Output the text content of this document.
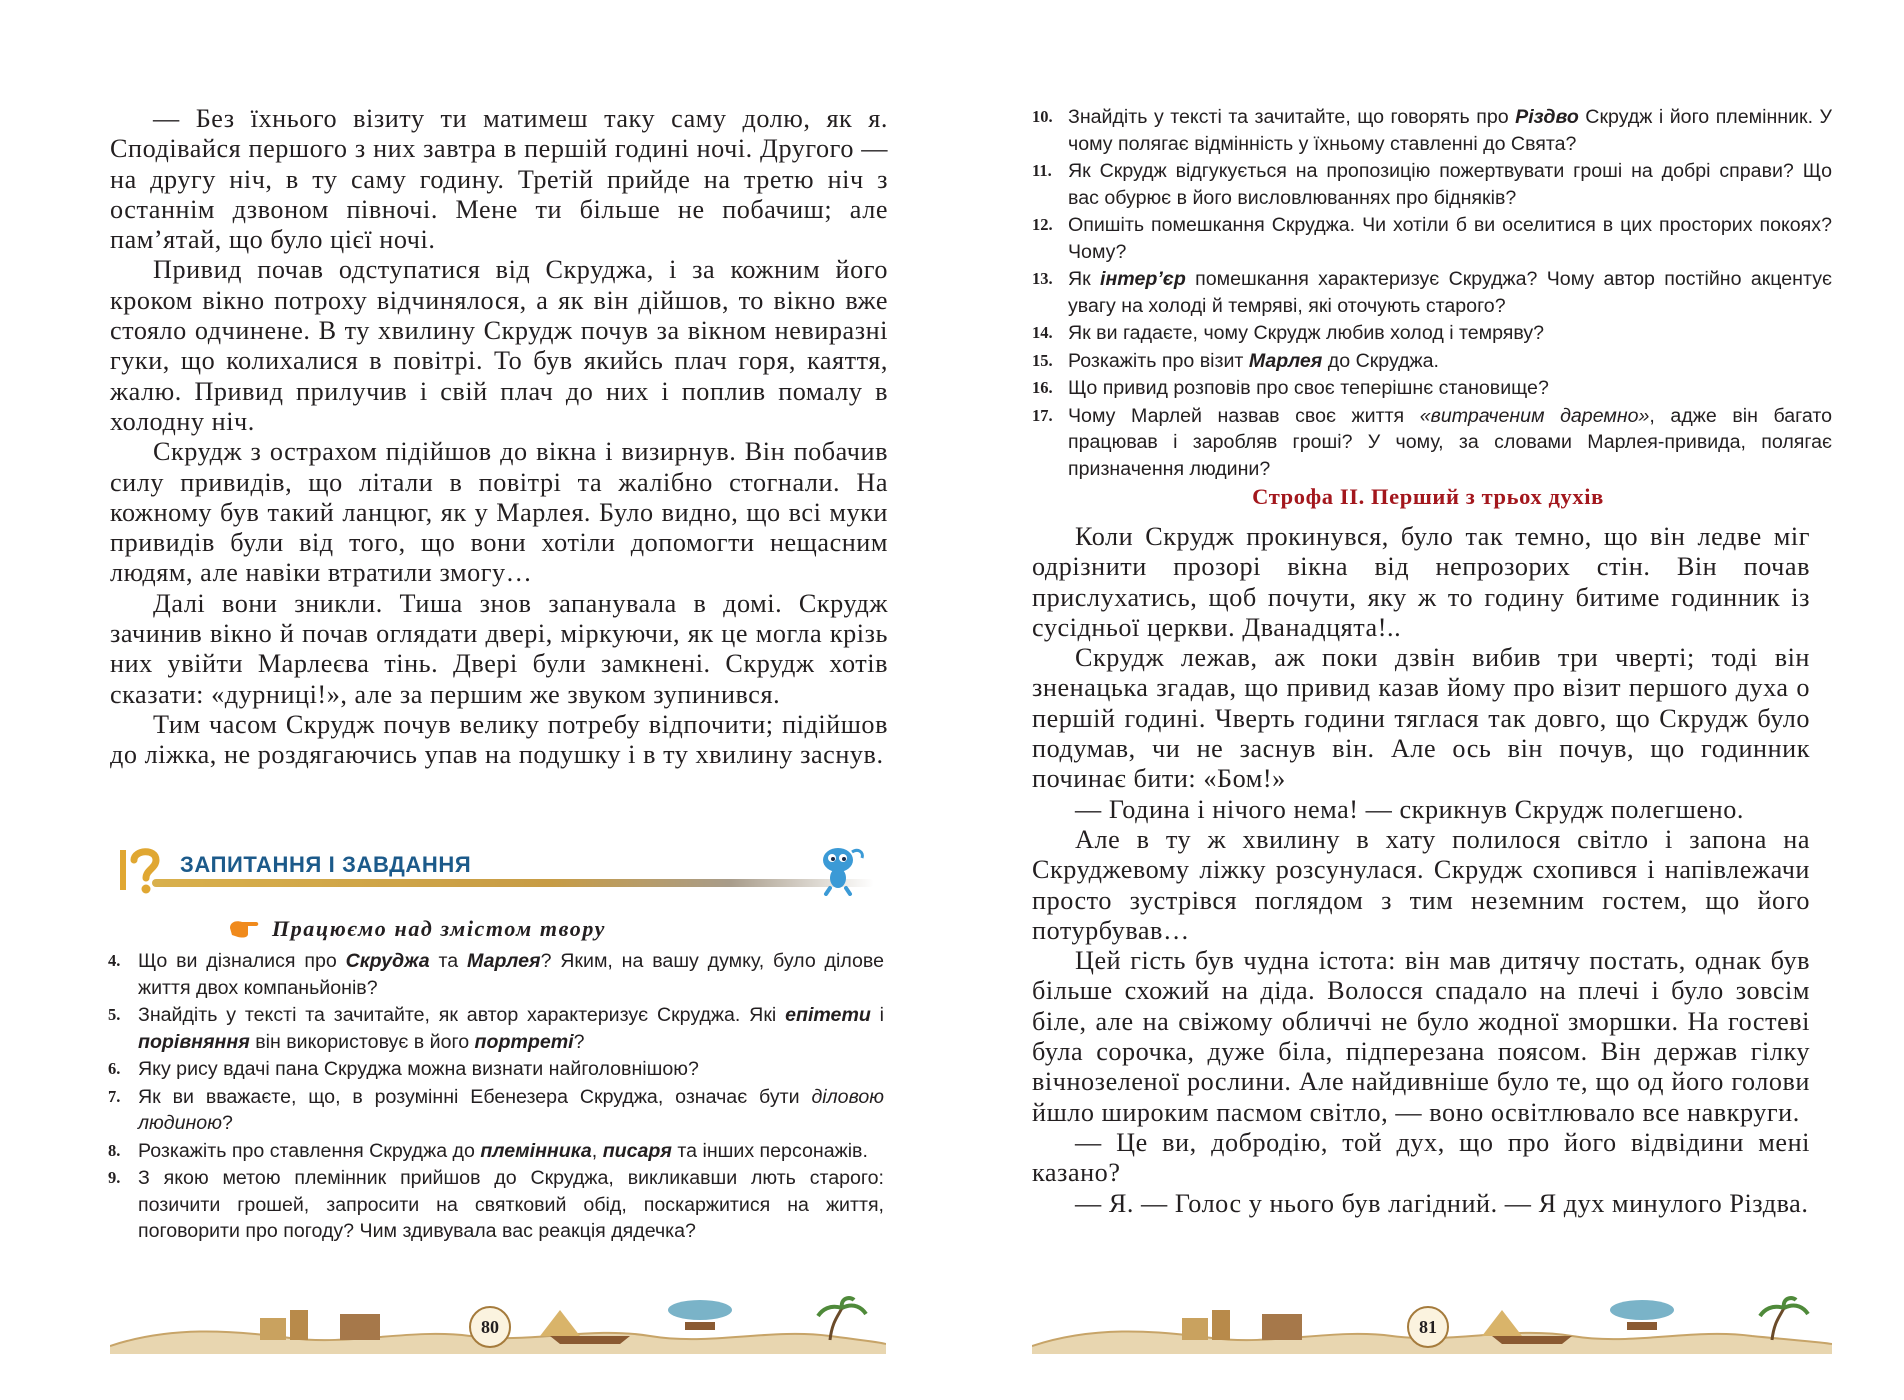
— Без їхнього візиту ти матимеш таку саму долю, як я. Сподівайся першого з них завтра в першій годині ночі. Другого — на другу ніч, в ту саму годину. Третій прийде на третю ніч з останнім дзвоном півночі. Мене ти більше не побачиш; але пам’ятай, що було цієї ночі.

Привид почав одступатися від Скруджа, і за кожним його кроком вікно потроху відчинялося, а як він дійшов, то вікно вже стояло одчинене. В ту хвилину Скрудж почув за вікном невиразні гуки, що колихалися в повітрі. То був якийсь плач горя, каяття, жалю. Привид прилучив і свій плач до них і поплив помалу в холодну ніч.

Скрудж з острахом підійшов до вікна і визирнув. Він побачив силу привидів, що літали в повітрі та жалібно стогнали. На кожному був такий ланцюг, як у Марлея. Було видно, що всі муки привидів були від того, що вони хотіли допомогти нещасним людям, але навіки втратили змогу…

Далі вони зникли. Тиша знов запанувала в домі. Скрудж зачинив вікно й почав оглядати двері, міркуючи, як це могла крізь них увійти Марлеєва тінь. Двері були замкнені. Скрудж хотів сказати: «дурниці!», але за першим же звуком зупинився.

Тим часом Скрудж почув велику потребу відпочити; підійшов до ліжка, не роздягаючись упав на подушку і в ту хвилину заснув.

ЗАПИТАННЯ І ЗАВДАННЯ
Працюємо над змістом твору
4. Що ви дізналися про Скруджа та Марлея? Яким, на вашу думку, було ділове життя двох компаньйонів?
5. Знайдіть у тексті та зачитайте, як автор характеризує Скруджа. Які епітети і порівняння він використовує в його портреті?
6. Яку рису вдачі пана Скруджа можна визнати найголовнішою?
7. Як ви вважаєте, що, в розумінні Ебенезера Скруджа, означає бути діловою людиною?
8. Розкажіть про ставлення Скруджа до племінника, писаря та інших персонажів.
9. З якою метою племінник прийшов до Скруджа, викликавши лють старого: позичити грошей, запросити на святковий обід, поскаржитися на життя, поговорити про погоду? Чим здивувала вас реакція дядечка?
80
10. Знайдіть у тексті та зачитайте, що говорять про Різдво Скрудж і його племінник. У чому полягає відмінність у їхньому ставленні до Свята?
11. Як Скрудж відгукується на пропозицію пожертвувати гроші на добрі справи? Що вас обурює в його висловлюваннях про бідняків?
12. Опишіть помешкання Скруджа. Чи хотіли б ви оселитися в цих просторих покоях? Чому?
13. Як інтер’єр помешкання характеризує Скруджа? Чому автор постійно акцентує увагу на холоді й темряві, які оточують старого?
14. Як ви гадаєте, чому Скрудж любив холод і темряву?
15. Розкажіть про візит Марлея до Скруджа.
16. Що привид розповів про своє теперішнє становище?
17. Чому Марлей назвав своє життя «витраченим даремно», адже він багато працював і заробляв гроші? У чому, за словами Марлея-привида, полягає призначення людини?
Строфа ІІ. Перший з трьох духів

Коли Скрудж прокинувся, було так темно, що він ледве міг одрізнити прозорі вікна від непрозорих стін. Він почав прислухатись, щоб почути, яку ж то годину битиме годинник із сусідньої церкви. Дванадцята!..

Скрудж лежав, аж поки дзвін вибив три чверті; тоді він зненацька згадав, що привид казав йому про візит першого духа о першій годині. Чверть години тяглася так довго, що Скрудж було подумав, чи не заснув він. Але ось він почув, що годинник починає бити: «Бом!»

— Година і нічого нема! — скрикнув Скрудж полегшено.

Але в ту ж хвилину в хату полилося світло і запона на Скруджевому ліжку розсунулася. Скрудж схопився і напівлежачи просто зустрівся поглядом з тим неземним гостем, що його потурбував…

Цей гість був чудна істота: він мав дитячу постать, однак був більше схожий на діда. Волосся спадало на плечі і було зовсім біле, але на свіжому обличчі не було жодної зморшки. На гостеві була сорочка, дуже біла, підперезана поясом. Він держав гілку вічнозеленої рослини. Але найдивніше було те, що од його голови йшло широким пасмом світло, — воно освітлювало все навкруги.

— Це ви, добродію, той дух, що про його відвідини мені казано?

— Я. — Голос у нього був лагідний. — Я дух минулого Різдва.

81
